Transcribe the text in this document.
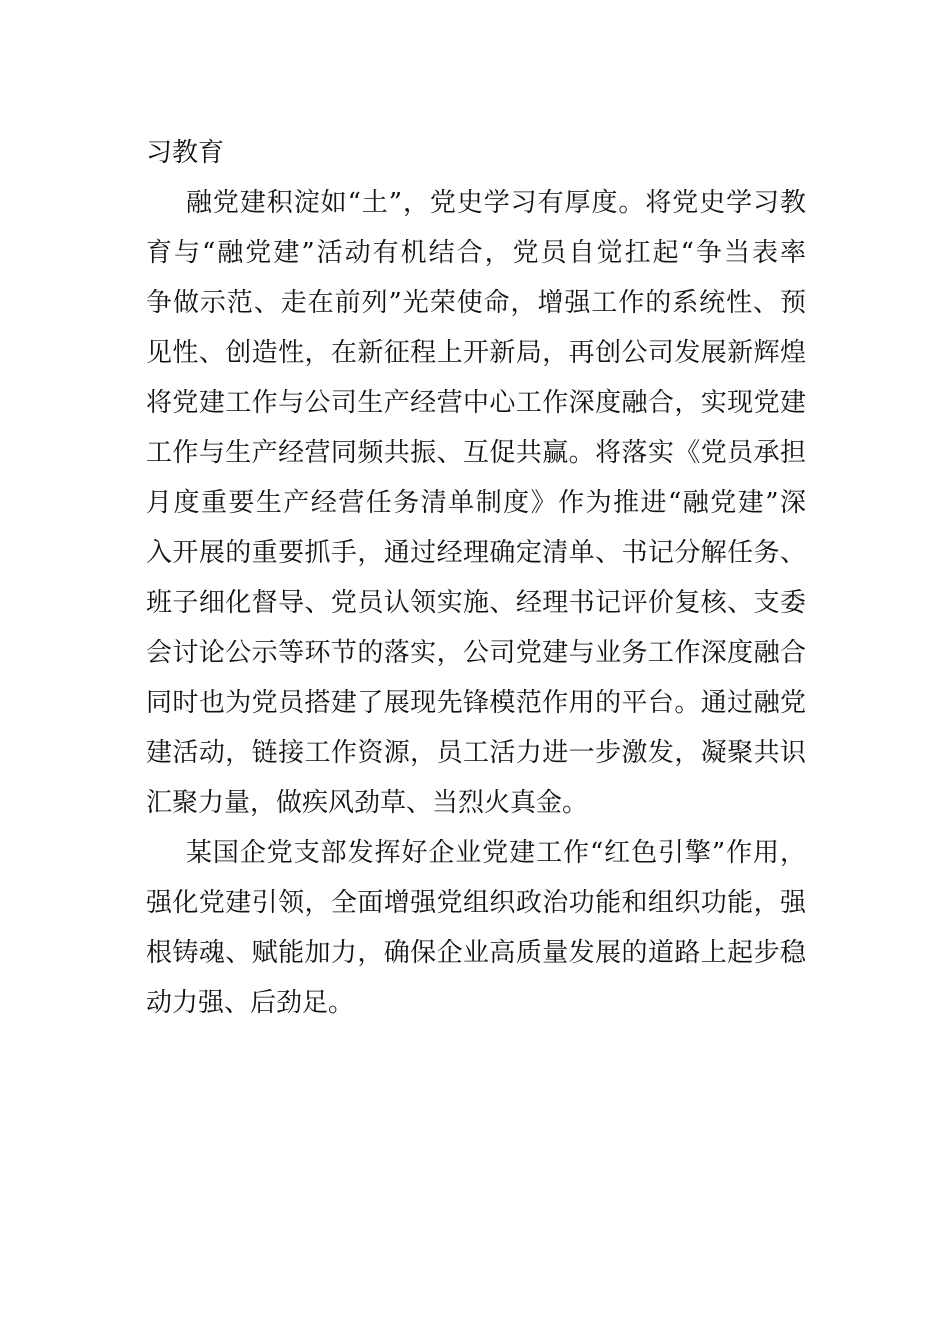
习教育
融党建积淀如“土”，党史学习有厚度。将党史学习教
育与“融党建”活动有机结合，党员自觉扛起“争当表率
争做示范、走在前列”光荣使命，增强工作的系统性、预
见性、创造性，在新征程上开新局，再创公司发展新辉煌
将党建工作与公司生产经营中心工作深度融合，实现党建
工作与生产经营同频共振、互促共赢。将落实《党员承担
月度重要生产经营任务清单制度》作为推进“融党建”深
入开展的重要抓手，通过经理确定清单、书记分解任务、
班子细化督导、党员认领实施、经理书记评价复核、支委
会讨论公示等环节的落实，公司党建与业务工作深度融合
同时也为党员搭建了展现先锋模范作用的平台。通过融党
建活动，链接工作资源，员工活力进一步激发，凝聚共识
汇聚力量，做疾风劲草、当烈火真金。
某国企党支部发挥好企业党建工作“红色引擎”作用，
强化党建引领，全面增强党组织政治功能和组织功能，强
根铸魂、赋能加力，确保企业高质量发展的道路上起步稳
动力强、后劲足。
